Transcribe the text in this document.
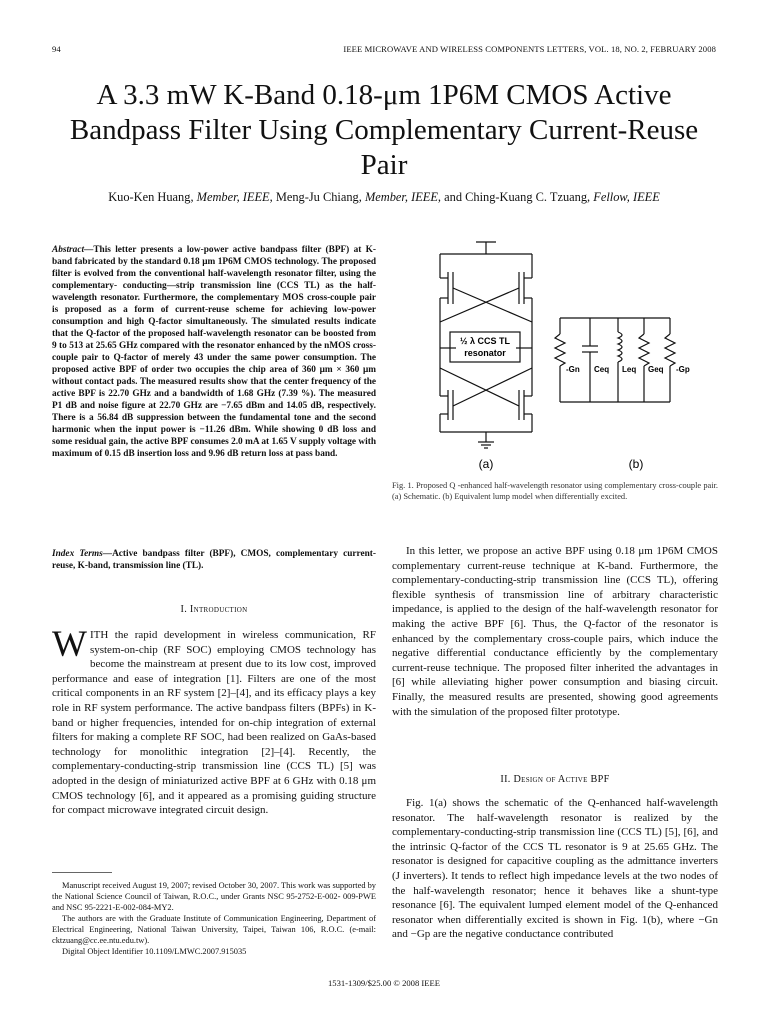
94	IEEE MICROWAVE AND WIRELESS COMPONENTS LETTERS, VOL. 18, NO. 2, FEBRUARY 2008
A 3.3 mW K-Band 0.18-μm 1P6M CMOS Active Bandpass Filter Using Complementary Current-Reuse Pair
Kuo-Ken Huang, Member, IEEE, Meng-Ju Chiang, Member, IEEE, and Ching-Kuang C. Tzuang, Fellow, IEEE
Abstract—This letter presents a low-power active bandpass filter (BPF) at K-band fabricated by the standard 0.18 μm 1P6M CMOS technology. The proposed filter is evolved from the conventional half-wavelength resonator filter, using the complementary- conducting—strip transmission line (CCS TL) as the half- wavelength resonator. Furthermore, the complementary MOS cross-couple pair is proposed as a form of current-reuse scheme for achieving low-power consumption and high Q-factor simultaneously. The simulated results indicate that the Q-factor of the proposed half-wavelength resonator can be boosted from 9 to 513 at 25.65 GHz compared with the resonator enhanced by the nMOS cross-couple pair to Q-factor of merely 43 under the same power consumption. The proposed active BPF of order two occupies the chip area of 360 μm × 360 μm without contact pads. The measured results show that the center frequency of the active BPF is 22.70 GHz and a bandwidth of 1.68 GHz (7.39 %). The measured P1 dB and noise figure at 22.70 GHz are −7.65 dBm and 14.05 dB, respectively. There is a 56.84 dB suppression between the fundamental tone and the second harmonic when the input power is −11.26 dBm. While showing 0 dB loss and some residual gain, the active BPF consumes 2.0 mA at 1.65 V supply voltage with maximum of 0.15 dB insertion loss and 9.96 dB return loss at pass band.
Index Terms—Active bandpass filter (BPF), CMOS, complementary current-reuse, K-band, transmission line (TL).
I. Introduction
WITH the rapid development in wireless communication, RF system-on-chip (RF SOC) employing CMOS technology has become the mainstream at present due to its low cost, improved performance and ease of integration [1]. Filters are one of the most critical components in an RF system [2]–[4], and its efficacy plays a key role in RF system performance. The active bandpass filters (BPFs) in K-band or higher frequencies, intended for on-chip integration of external filters for making a complete RF SOC, had been realized on GaAs-based technology for monolithic integration [2]–[4]. Recently, the complementary-conducting-strip transmission line (CCS TL) [5] was adopted in the design of miniaturized active BPF at 6 GHz with 0.18 μm CMOS technology [6], and it appeared as a promising guiding structure for compact microwave integrated circuit design.

Manuscript received August 19, 2007; revised October 30, 2007. This work was supported by the National Science Council of Taiwan, R.O.C., under Grants NSC 95-2752-E-002- 009-PWE and NSC 95-2221-E-002-084-MY2.

The authors are with the Graduate Institute of Communication Engineering, Department of Electrical Engineering, National Taiwan University, Taipei, Taiwan 106, R.O.C. (e-mail: cktzuang@cc.ee.ntu.edu.tw).

Digital Object Identifier 10.1109/LMWC.2007.915035

½ λ CCS TL
resonator
-Gn Ceq Leq Geq -Gp
(a)	(b)
Fig. 1. Proposed Q -enhanced half-wavelength resonator using complementary cross-couple pair. (a) Schematic. (b) Equivalent lump model when differentially excited.

In this letter, we propose an active BPF using 0.18 μm 1P6M CMOS complementary current-reuse technique at K-band. Furthermore, the complementary-conducting-strip transmission line (CCS TL), offering flexible synthesis of transmission line of arbitrary characteristic impedance, is applied to the design of the half-wavelength resonator for making the active BPF [6]. Thus, the Q-factor of the resonator is enhanced by the complementary cross-couple pairs, which induce the negative differential conductance efficiently by the complementary current-reuse technique. The proposed filter inherited the advantages in [6] while alleviating higher power consumption and biasing circuit. Finally, the measured results are presented, showing good agreements with the simulation of the proposed filter prototype.

II. Design of Active BPF

Fig. 1(a) shows the schematic of the Q-enhanced half-wavelength resonator. The half-wavelength resonator is realized by the complementary-conducting-strip transmission line (CCS TL) [5], [6], and the intrinsic Q-factor of the CCS TL resonator is 9 at 25.65 GHz. The resonator is designed for capacitive coupling as the admittance inverters (J inverters). It tends to reflect high impedance levels at the two nodes of the half-wavelength resonator; hence it behaves like a shunt-type resonance [6]. The equivalent lumped element model of the Q-enhanced resonator when differentially excited is shown in Fig. 1(b), where −Gn and −Gp are the negative conductance contributed

1531-1309/$25.00 © 2008 IEEE
